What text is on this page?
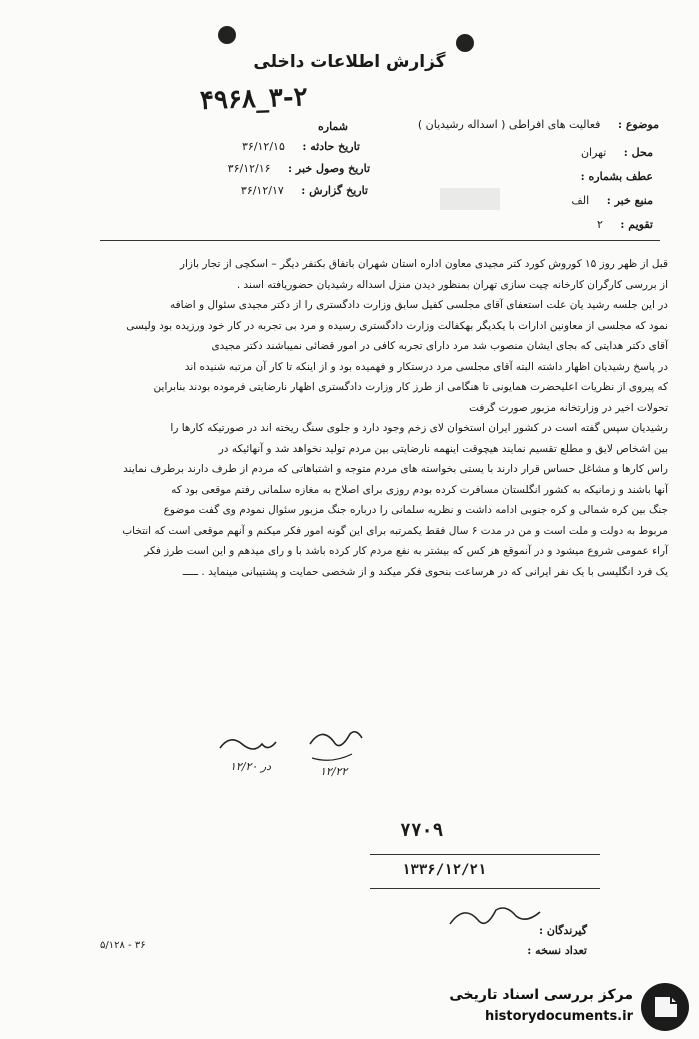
گزارش اطلاعات داخلی
۴۹۶۸_۳-۲
شماره
تاریخ حادثه : ۳۶/۱۲/۱۵
تاریخ وصول خبر : ۳۶/۱۲/۱۶
تاریخ گزارش : ۳۶/۱۲/۱۷
موضوع : فعالیت های افراطی ( اسداله رشیدیان )
محل : تهران
عطف بشماره :
منبع خبر : الف
تقویم : ۲

قبل از ظهر روز ۱۵ کوروش کورد کتر مجیدی معاون اداره استان شهران باتفاق بکنفر دیگر – اسکچی از تجار بازار

از بررسی کارگران کارخانه چیت سازی تهران بمنظور دیدن منزل اسداله رشیدیان حضوریافته اسند .

در این جلسه رشید یان علت استعفای آقای مجلسی کفیل سابق وزارت دادگستری را از دکتر مجیدی سئوال و اضافه

نمود که مجلسی از معاونین ادارات با یکدیگر بهکفالت وزارت دادگستری رسیده و مرد بی تجربه در کار خود ورزیده بود ولیسی

آقای دکتر هدایتی که بجای ایشان منصوب شد مرد دارای تجربه کافی در امور قضائی نمیباشند دکتر مجیدی

در پاسخ رشیدیان اظهار داشته البته آقای مجلسی مرد درستکار و فهمیده بود و از اینکه تا کار آن مرتبه شنیده اند

که پیروی از نظریات اعلیحضرت همایونی تا هنگامی از طرز کار وزارت دادگستری اظهار نارضایتی فرموده بودند بنابراین

تحولات اخیر در وزارتخانه مزبور صورت گرفت

رشیدیان سپس گفته است در کشور ایران استخوان لای زخم وجود دارد و جلوی سنگ ریخته اند در صورتیکه کارها را

بین اشخاص لایق و مطلع تقسیم نمایند هیچوقت اینهمه نارضایتی بین مردم تولید نخواهد شد و آنهائیکه در

راس کارها و مشاغل حساس قرار دارند با یستی بخواسته های مردم متوجه و اشتباهاتی که مردم از طرف دارند برطرف نمایند

آنها باشند و زمانیکه به کشور انگلستان مسافرت کرده بودم روزی برای اصلاح به مغازه سلمانی رفتم موقعی بود که

جنگ بین کره شمالی و کره جنوبی ادامه داشت و نظریه سلمانی را درباره جنگ مزبور سئوال نمودم وی گفت موضوع

مربوط به دولت و ملت است و من در مدت ۶ سال فقط یکمرتبه برای این گونه امور فکر میکنم و آنهم موقعی است که انتخاب

آراء عمومی شروع میشود و در آنموقع هر کس که بیشتر به نفع مردم کار کرده باشد با و رای میدهم و این است طرز فکر

یک فرد انگلیسی با یک نفر ایرانی که در هرساعت بنحوی فکر میکند و از شخصی حمایت و پشتیبانی مینماید . ـــــ

در ۱۲/۲۰	۱۲/۲۲
۷۷۰۹
۱۳۳۶/۱۲/۲۱
گیرندگان :
تعداد نسخه :
۵/۱۲۸ - ۳۶
مرکز بررسی اسناد تاریخی
historydocuments.ir
